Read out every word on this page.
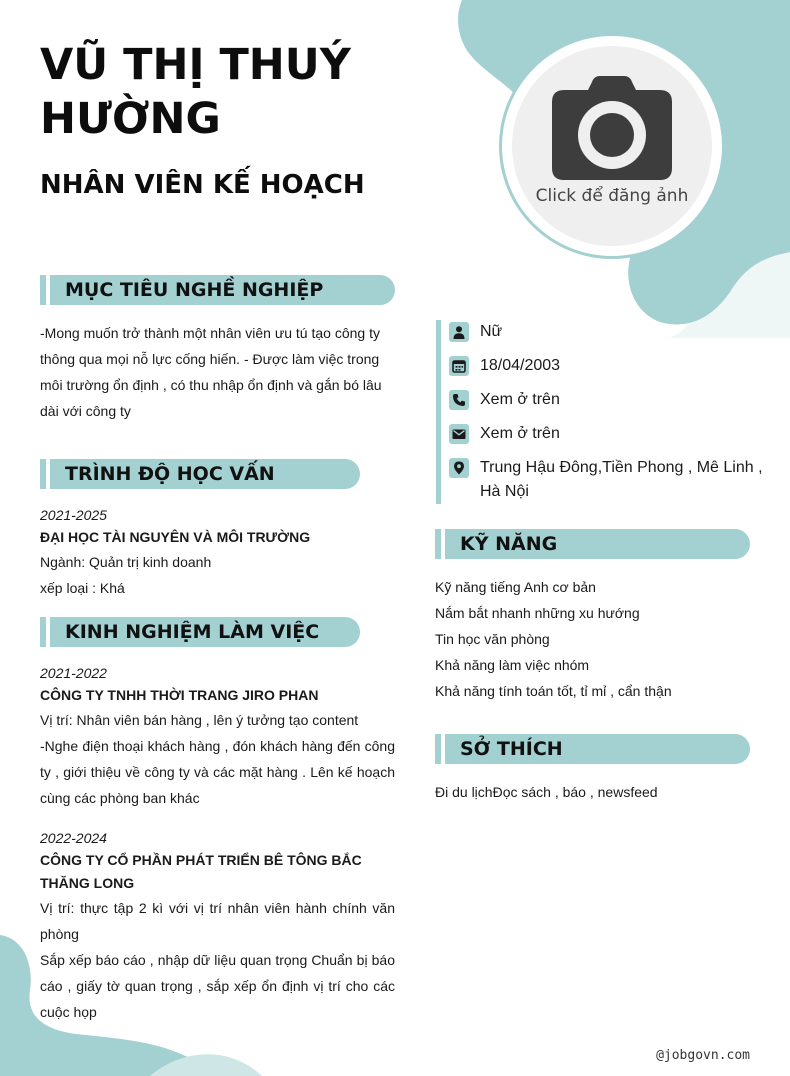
VŨ THỊ THUÝ HƯỜNG
NHÂN VIÊN KẾ HOẠCH	Click để đăng ảnh
MỤC TIÊU NGHỀ NGHIỆP

-Mong muốn trở thành một nhân viên ưu tú tạo công ty thông qua mọi nỗ lực cống hiến. - Được làm việc trong môi trường ổn định , có thu nhập ổn định và gắn bó lâu dài với công ty

TRÌNH ĐỘ HỌC VẤN

2021-2025

ĐẠI HỌC TÀI NGUYÊN VÀ MÔI TRƯỜNG

Ngành: Quản trị kinh doanh

xếp loại : Khá

KINH NGHIỆM LÀM VIỆC

2021-2022

CÔNG TY TNHH THỜI TRANG JIRO PHAN

Vị trí: Nhân viên bán hàng , lên ý tưởng tạo content

-Nghe điện thoại khách hàng , đón khách hàng đến công ty , giới thiệu về công ty và các mặt hàng . Lên kế hoạch cùng các phòng ban khác

2022-2024

CÔNG TY CỔ PHẦN PHÁT TRIỂN BÊ TÔNG BẮC THĂNG LONG

Vị trí: thực tập 2 kì với vị trí nhân viên hành chính văn phòng

Sắp xếp báo cáo , nhập dữ liệu quan trọng Chuẩn bị báo cáo , giấy tờ quan trọng , sắp xếp ổn định vị trí cho các cuộc họp

Nữ
18/04/2003
Xem ở trên
Xem ở trên
Trung Hậu Đông,Tiền Phong , Mê Linh , Hà Nội
KỸ NĂNG
Kỹ năng tiếng Anh cơ bản
Nắm bắt nhanh những xu hướng
Tin học văn phòng
Khả năng làm việc nhóm
Khả năng tính toán tốt, tỉ mỉ , cẩn thận
SỞ THÍCH

Đi du lịchĐọc sách , báo , newsfeed

@jobgovn.com
